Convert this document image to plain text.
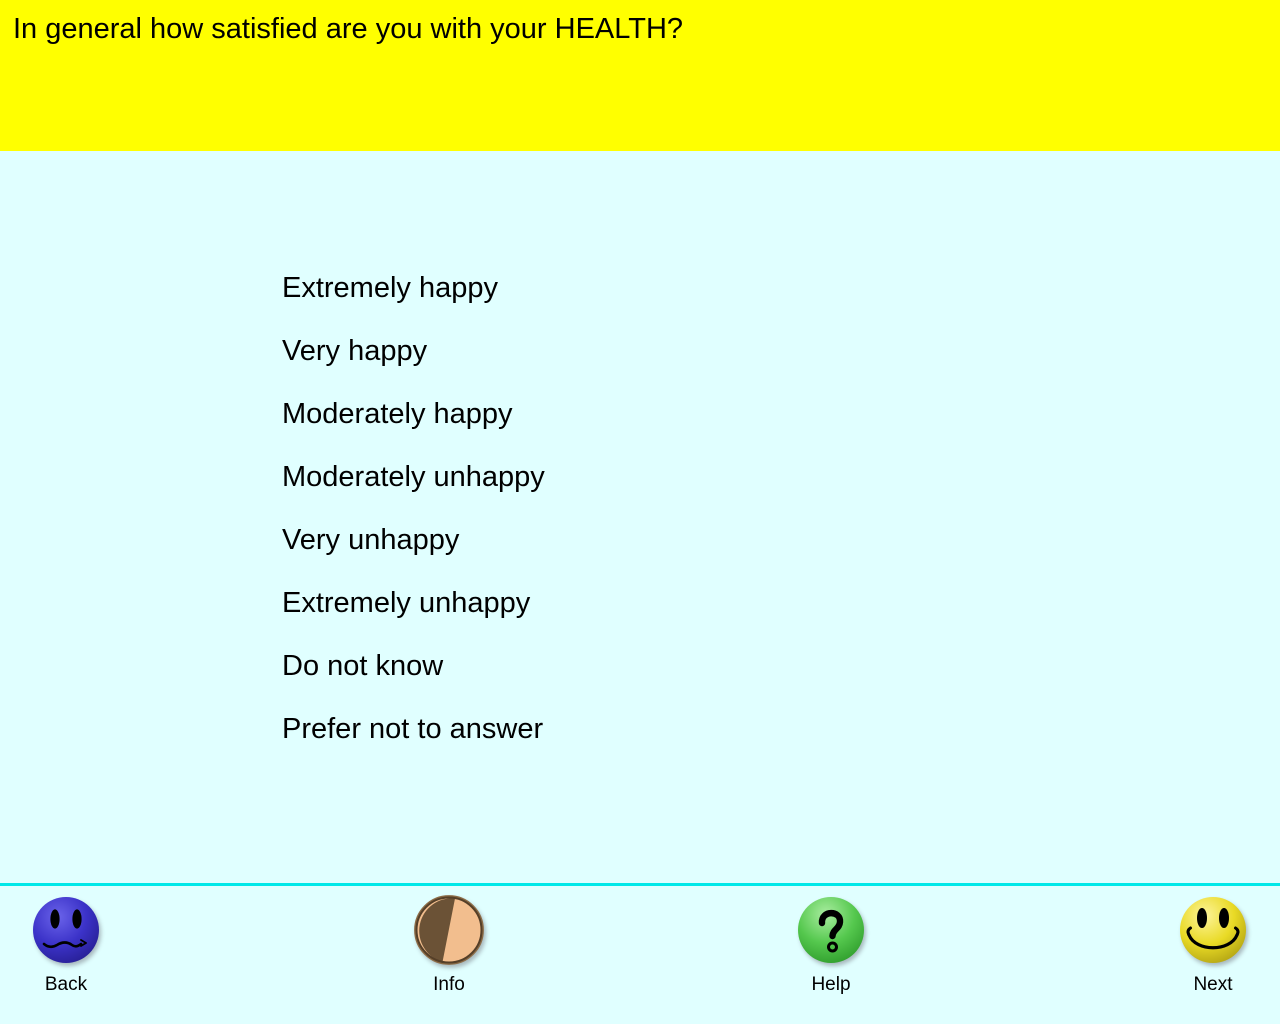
In general how satisfied are you with your HEALTH?
Extremely happy
Very happy
Moderately happy
Moderately unhappy
Very unhappy
Extremely unhappy
Do not know
Prefer not to answer
Back	Info	Help	Next
